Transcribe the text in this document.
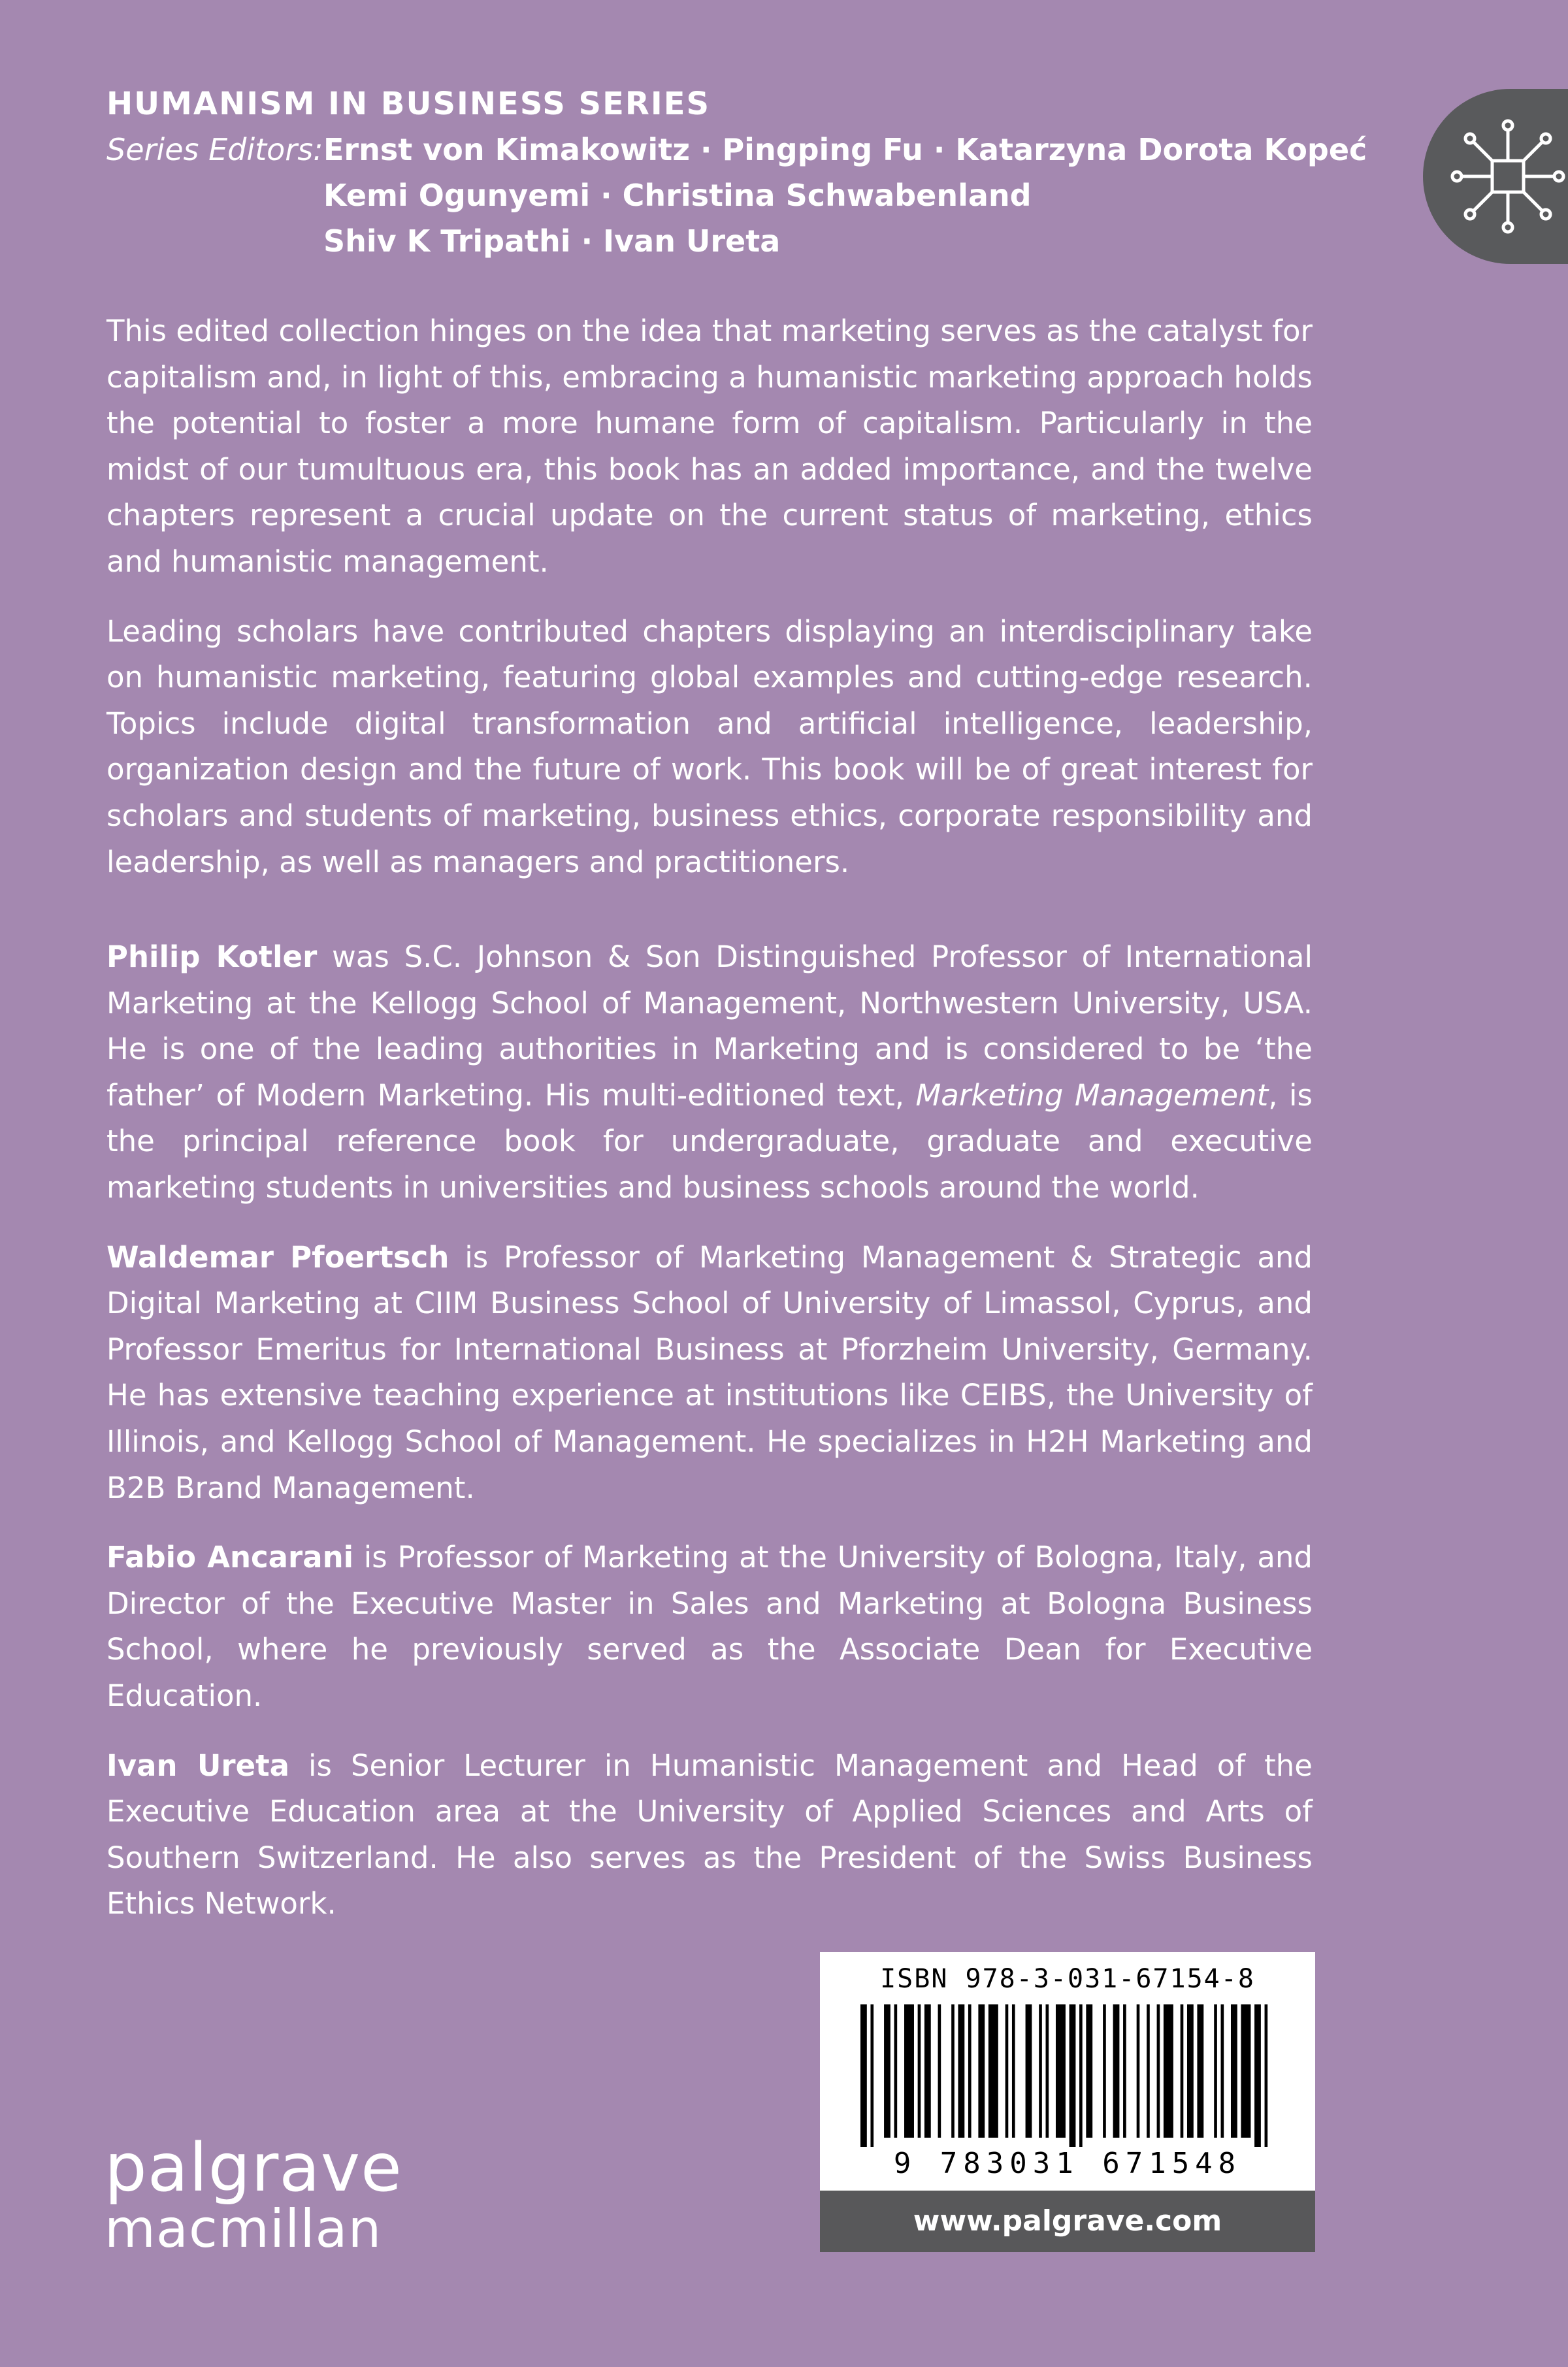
HUMANISM IN BUSINESS SERIES
Series Editors: Ernst von Kimakowitz · Pingping Fu · Katarzyna Dorota Kopeć
Kemi Ogunyemi · Christina Schwabenland
Shiv K Tripathi · Ivan Ureta

This edited collection hinges on the idea that marketing serves as the catalyst for capitalism and, in light of this, embracing a humanistic marketing approach holds the potential to foster a more humane form of capitalism. Particularly in the midst of our tumultuous era, this book has an added importance, and the twelve chapters represent a crucial update on the current status of marketing, ethics and humanistic management.

Leading scholars have contributed chapters displaying an interdisciplinary take on humanistic marketing, featuring global examples and cutting-edge research. Topics include digital transformation and artificial intelligence, leadership, organization design and the future of work. This book will be of great interest for scholars and students of marketing, business ethics, corporate responsibility and leadership, as well as managers and practitioners.

Philip Kotler was S.C. Johnson & Son Distinguished Professor of International Marketing at the Kellogg School of Management, Northwestern University, USA. He is one of the leading authorities in Marketing and is considered to be ‘the father’ of Modern Marketing. His multi-editioned text, Marketing Management, is the principal reference book for undergraduate, graduate and executive marketing students in universities and business schools around the world.

Waldemar Pfoertsch is Professor of Marketing Management & Strategic and Digital Marketing at CIIM Business School of University of Limassol, Cyprus, and Professor Emeritus for International Business at Pforzheim University, Germany. He has extensive teaching experience at institutions like CEIBS, the University of Illinois, and Kellogg School of Management. He specializes in H2H Marketing and B2B Brand Management.

Fabio Ancarani is Professor of Marketing at the University of Bologna, Italy, and Director of the Executive Master in Sales and Marketing at Bologna Business School, where he previously served as the Associate Dean for Executive Education.

Ivan Ureta is Senior Lecturer in Humanistic Management and Head of the Executive Education area at the University of Applied Sciences and Arts of Southern Switzerland. He also serves as the President of the Swiss Business Ethics Network.

ISBN 978-3-031-67154-8
9 783031 671548
www.palgrave.com
palgrave
macmillan
